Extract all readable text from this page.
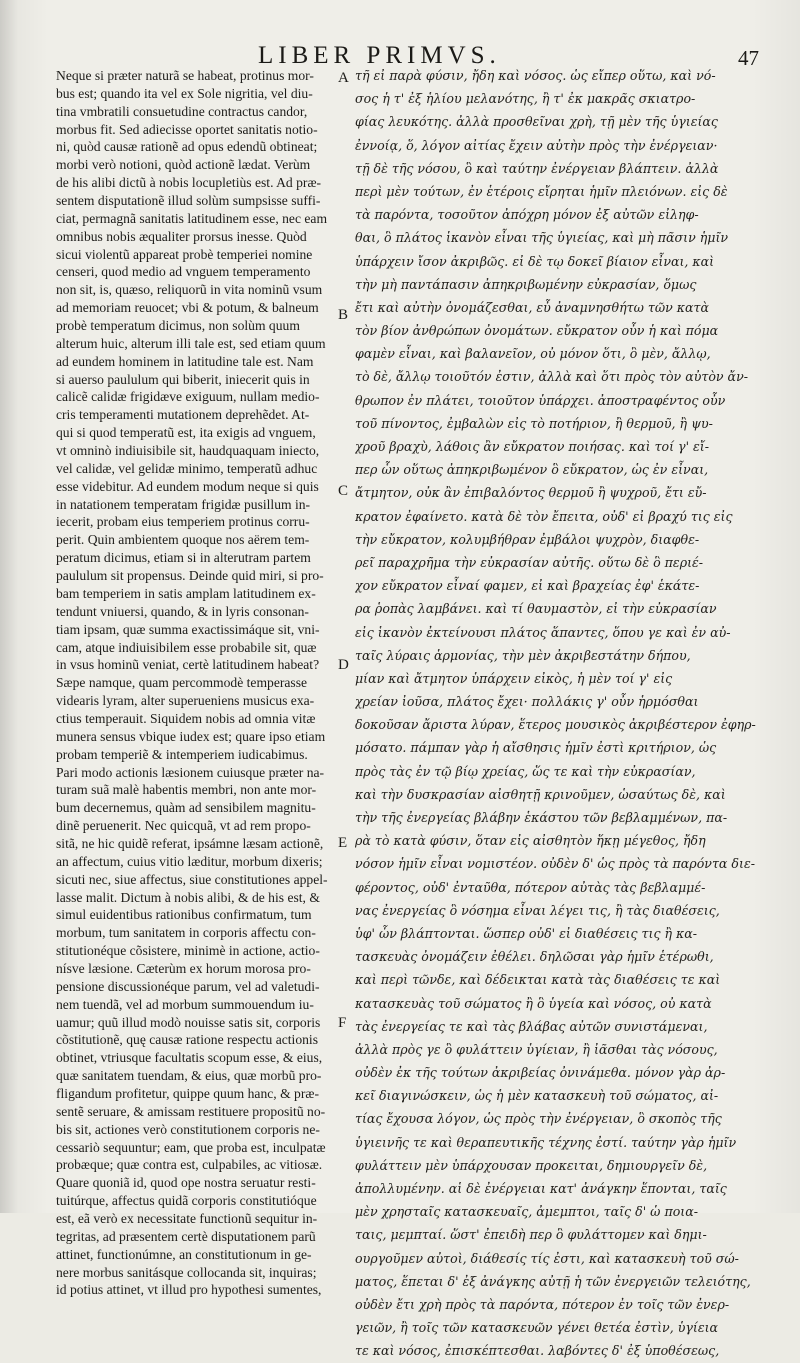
LIBER PRIMVS.	47
Neque si præter naturã se habeat, protinus mor-
bus est; quando ita vel ex Sole nigritia, vel diu-
tina vmbratili consuetudine contractus candor,
morbus fit. Sed adiecisse oportet sanitatis notio-
ni, quòd causæ rationẽ ad opus edendũ obtineat;
morbi verò notioni, quòd actionẽ lædat. Verùm
de his alibi dictũ à nobis locupletiùs est. Ad præ-
sentem disputationẽ illud solùm sumpsisse suffi-
ciat, permagnã sanitatis latitudinem esse, nec eam
omnibus nobis æqualiter prorsus inesse. Quòd
sicui violentũ appareat probè temperiei nomine
censeri, quod medio ad vnguem temperamento
non sit, is, quæso, reliquorũ in vita nominũ vsum
ad memoriam reuocet; vbi & potum, & balneum
probè temperatum dicimus, non solùm quum
alterum huic, alterum illi tale est, sed etiam quum
ad eundem hominem in latitudine tale est. Nam
si auerso paululum qui biberit, iniecerit quis in
calicẽ calidæ frigidæve exiguum, nullam medio-
cris temperamenti mutationem deprehẽdet. At-
qui si quod temperatũ est, ita exigis ad vnguem,
vt omninò indiuisibile sit, haudquaquam iniecto,
vel calidæ, vel gelidæ minimo, temperatũ adhuc
esse videbitur. Ad eundem modum neque si quis
in natationem temperatam frigidæ pusillum in-
iecerit, probam eius temperiem protinus corru-
perit. Quin ambientem quoque nos aërem tem-
peratum dicimus, etiam si in alterutram partem
paululum sit propensus. Deinde quid miri, si pro-
bam temperiem in satis amplam latitudinem ex-
tendunt vniuersi, quando, & in lyris consonan-
tiam ipsam, quæ summa exactissimáque sit, vni-
cam, atque indiuisibilem esse probabile sit, quæ
in vsus hominũ veniat, certè latitudinem habeat?
Sæpe namque, quam percommodè temperasse
videaris lyram, alter superueniens musicus exa-
ctius temperauit. Siquidem nobis ad omnia vitæ
munera sensus vbique iudex est; quare ipso etiam
probam temperiẽ & intemperiem iudicabimus.
Pari modo actionis læsionem cuiusque præter na-
turam suã malè habentis membri, non ante mor-
bum decernemus, quàm ad sensibilem magnitu-
dinẽ peruenerit. Nec quicquã, vt ad rem propo-
sitã, ne hic quidẽ referat, ipsámne læsam actionẽ,
an affectum, cuius vitio læditur, morbum dixeris;
sicuti nec, siue affectus, siue constitutiones appel-
lasse malit. Dictum à nobis alibi, & de his est, &
simul euidentibus rationibus confirmatum, tum
morbum, tum sanitatem in corporis affectu con-
stitutionéque cõsistere, minimè in actione, actio-
nísve læsione. Cæterùm ex horum morosa pro-
pensione discussionéque parum, vel ad valetudi-
nem tuendã, vel ad morbum summouendum iu-
uamur; quũ illud modò nouisse satis sit, corporis
cõstitutionẽ, quę causæ ratione respectu actionis
obtinet, vtriusque facultatis scopum esse, & eius,
quæ sanitatem tuendam, & eius, quæ morbũ pro-
fligandum profitetur, quippe quum hanc, & præ-
sentẽ seruare, & amissam restituere propositũ no-
bis sit, actiones verò constitutionem corporis ne-
cessariò sequuntur; eam, que proba est, inculpatæ
probæque; quæ contra est, culpabiles, ac vitiosæ.
Quare quoniã id, quod ope nostra seruatur resti-
tuitúrque, affectus quidã corporis constitutióque
est, eã verò ex necessitate functionũ sequitur in-
tegritas, ad præsentem certè disputationem parũ
attinet, functionúmne, an constitutionum in ge-
nere morbus sanitásque collocanda sit, inquiras;
id potius attinet, vt illud pro hypothesi sumentes,
A
B
C
D
E
F
τῆ εἰ παρὰ φύσιν, ἤδη καὶ νόσος. ὡς εἴπερ οὕτω, καὶ νό-
σος ἡ τ' ἐξ ἡλίου μελανότης, ἢ τ' ἐκ μακρᾶς σκιατρο-
φίας λευκότης. ἀλλὰ προσθεῖναι χρὴ, τῇ μὲν τῆς ὑγιείας
ἐννοίᾳ, ὅ, λόγον αἰτίας ἔχειν αὐτὴν πρὸς τὴν ἐνέργειαν·
τῇ δὲ τῆς νόσου, ὃ καὶ ταύτην ἐνέργειαν βλάπτειν. ἀλλὰ
περὶ μὲν τούτων, ἐν ἑτέροις εἴρηται ἡμῖν πλειόνων. εἰς δὲ
τὰ παρόντα, τοσοῦτον ἀπόχρη μόνον ἐξ αὐτῶν εἰληφ-
θαι, ὃ πλάτος ἱκανὸν εἶναι τῆς ὑγιείας, καὶ μὴ πᾶσιν ἡμῖν
ὑπάρχειν ἴσον ἀκριβῶς. εἰ δὲ τῳ δοκεῖ βίαιον εἶναι, καὶ
τὴν μὴ παντάπασιν ἀπηκριβωμένην εὐκρασίαν, ὅμως
ἔτι καὶ αὐτὴν ὀνομάζεσθαι, εὖ ἀναμνησθήτω τῶν κατὰ
τὸν βίον ἀνθρώπων ὀνομάτων. εὔκρατον οὖν ἡ καὶ πόμα
φαμὲν εἶναι, καὶ βαλανεῖον, οὐ μόνον ὅτι, ὃ μὲν, ἄλλῳ,
τὸ δὲ, ἄλλῳ τοιοῦτόν ἐστιν, ἀλλὰ καὶ ὅτι πρὸς τὸν αὐτὸν ἄν-
θρωπον ἐν πλάτει, τοιοῦτον ὑπάρχει. ἀποστραφέντος οὖν
τοῦ πίνοντος, ἐμβαλὼν εἰς τὸ ποτήριον, ἢ θερμοῦ, ἢ ψυ-
χροῦ βραχὺ, λάθοις ἂν εὔκρατον ποιήσας. καὶ τοί γ' εἴ-
περ ὧν οὕτως ἀπηκριβωμένον ὃ εὔκρατον, ὡς ἐν εἶναι,
ἄτμητον, οὐκ ἂν ἐπιβαλόντος θερμοῦ ἢ ψυχροῦ, ἔτι εὔ-
κρατον ἐφαίνετο. κατὰ δὲ τὸν ἔπειτα, οὐδ' εἰ βραχύ τις εἰς
τὴν εὔκρατον, κολυμβήθραν ἐμβάλοι ψυχρὸν, διαφθε-
ρεῖ παραχρῆμα τὴν εὐκρασίαν αὐτῆς. οὕτω δὲ ὃ περιέ-
χον εὔκρατον εἶναί φαμεν, εἰ καὶ βραχείας ἐφ' ἑκάτε-
ρα ῥοπὰς λαμβάνει. καὶ τί θαυμαστὸν, εἰ τὴν εὐκρασίαν
εἰς ἱκανὸν ἐκτείνουσι πλάτος ἅπαντες, ὅπου γε καὶ ἐν αὐ-
ταῖς λύραις ἁρμονίας, τὴν μὲν ἀκριβεστάτην δήπου,
μίαν καὶ ἄτμητον ὑπάρχειν εἰκὸς, ἡ μὲν τοί γ' εἰς
χρείαν ἰοῦσα, πλάτος ἔχει· πολλάκις γ' οὖν ἡρμόσθαι
δοκοῦσαν ἄριστα λύραν, ἕτερος μουσικὸς ἀκριβέστερον ἐφηρ-
μόσατο. πάμπαν γὰρ ἡ αἴσθησις ἡμῖν ἐστὶ κριτήριον, ὡς
πρὸς τὰς ἐν τῷ βίῳ χρείας, ὥς τε καὶ τὴν εὐκρασίαν,
καὶ τὴν δυσκρασίαν αἰσθητῇ κρινοῦμεν, ὡσαύτως δὲ, καὶ
τὴν τῆς ἐνεργείας βλάβην ἑκάστου τῶν βεβλαμμένων, πα-
ρὰ τὸ κατὰ φύσιν, ὅταν εἰς αἰσθητὸν ἥκῃ μέγεθος, ἤδη
νόσον ἡμῖν εἶναι νομιστέον. οὐδὲν δ' ὡς πρὸς τὰ παρόντα διε-
φέροντος, οὐδ' ἐνταῦθα, πότερον αὐτὰς τὰς βεβλαμμέ-
νας ἐνεργείας ὃ νόσημα εἶναι λέγει τις, ἢ τὰς διαθέσεις,
ὑφ' ὧν βλάπτονται. ὥσπερ οὐδ' εἰ διαθέσεις τις ἢ κα-
τασκευὰς ὀνομάζειν ἐθέλει. δηλῶσαι γὰρ ἡμῖν ἑτέρωθι,
καὶ περὶ τῶνδε, καὶ δέδεικται κατὰ τὰς διαθέσεις τε καὶ
κατασκευὰς τοῦ σώματος ἢ ὃ ὑγεία καὶ νόσος, οὐ κατὰ
τὰς ἐνεργείας τε καὶ τὰς βλάβας αὐτῶν συνιστάμεναι,
ἀλλὰ πρὸς γε ὃ φυλάττειν ὑγίειαν, ἢ ἰᾶσθαι τὰς νόσους,
οὐδὲν ἐκ τῆς τούτων ἀκριβείας ὀνινάμεθα. μόνον γὰρ ἀρ-
κεῖ διαγινώσκειν, ὡς ἡ μὲν κατασκευὴ τοῦ σώματος, αἰ-
τίας ἔχουσα λόγον, ὡς πρὸς τὴν ἐνέργειαν, ὃ σκοπὸς τῆς
ὑγιεινῆς τε καὶ θεραπευτικῆς τέχνης ἐστί. ταύτην γὰρ ἡμῖν
φυλάττειν μὲν ὑπάρχουσαν προκειται, δημιουργεῖν δὲ,
ἀπολλυμένην. αἱ δὲ ἐνέργειαι κατ' ἀνάγκην ἕπονται, ταῖς
μὲν χρησταῖς κατασκευαῖς, ἀμεμπτοι, ταῖς δ' ὡ ποια-
ταις, μεμπταί. ὥστ' ἐπειδὴ περ ὃ φυλάττομεν καὶ δημι-
ουργοῦμεν αὐτοὶ, διάθεσίς τίς ἐστι, καὶ κατασκευὴ τοῦ σώ-
ματος, ἕπεται δ' ἐξ ἀνάγκης αὐτῇ ἡ τῶν ἐνεργειῶν τελειότης,
οὐδὲν ἔτι χρὴ πρὸς τὰ παρόντα, πότερον ἐν τοῖς τῶν ἐνερ-
γειῶν, ἢ τοῖς τῶν κατασκευῶν γένει θετέα ἐστὶν, ὑγίεια
τε καὶ νόσος, ἐπισκέπτεσθαι. λαβόντες δ' ἐξ ὑποθέσεως,
